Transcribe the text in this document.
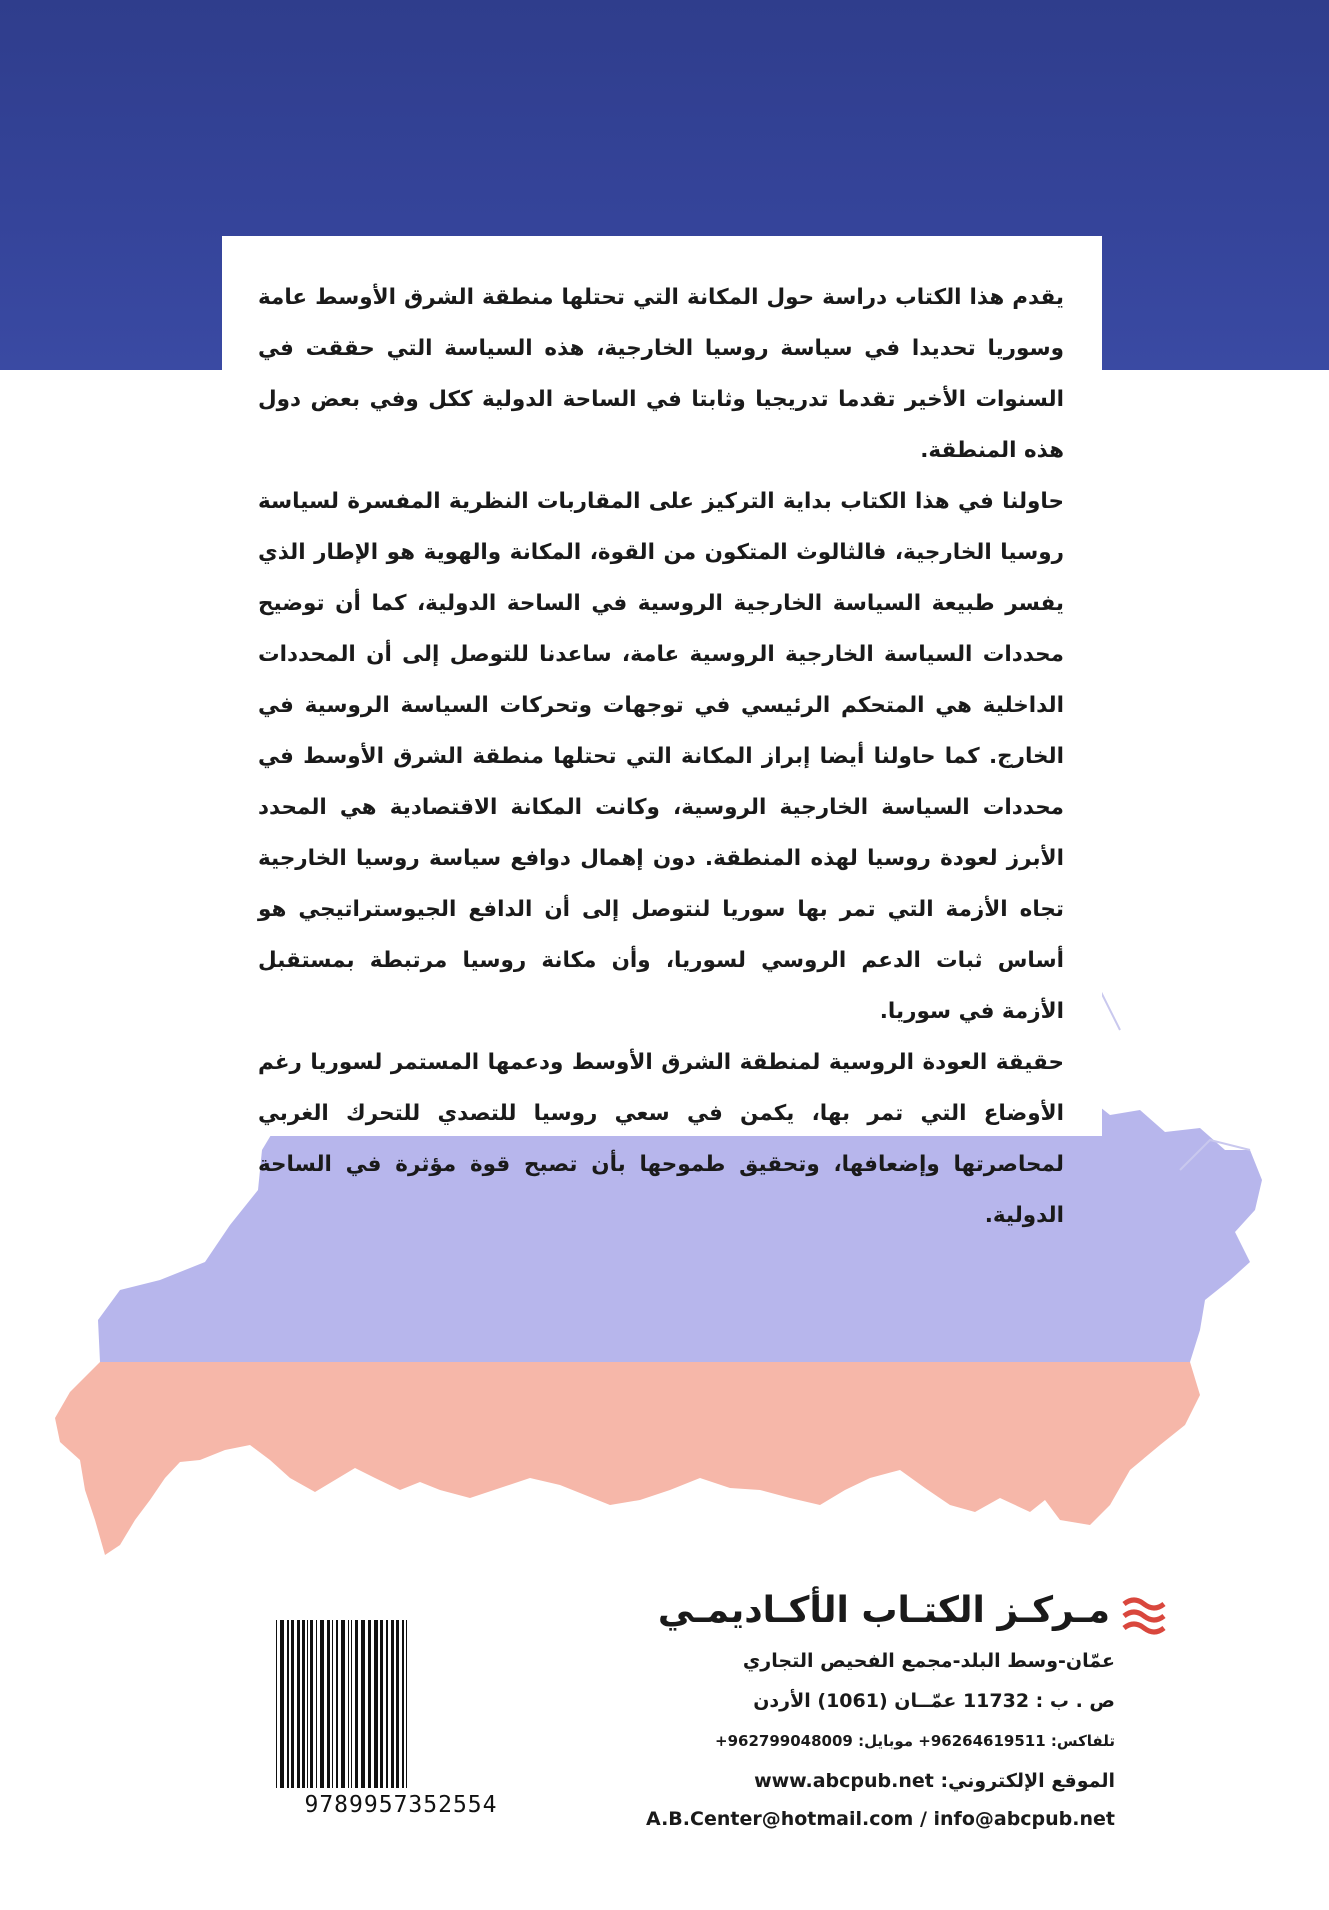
يقدم هذا الكتاب دراسة حول المكانة التي تحتلها منطقة الشرق الأوسط عامة وسوريا تحديدا في سياسة روسيا الخارجية، هذه السياسة التي حققت في السنوات الأخير تقدما تدريجيا وثابتا في الساحة الدولية ككل وفي بعض دول هذه المنطقة.

حاولنا في هذا الكتاب بداية التركيز على المقاربات النظرية المفسرة لسياسة روسيا الخارجية، فالثالوث المتكون من القوة، المكانة والهوية هو الإطار الذي يفسر طبيعة السياسة الخارجية الروسية في الساحة الدولية، كما أن توضيح محددات السياسة الخارجية الروسية عامة، ساعدنا للتوصل إلى أن المحددات الداخلية هي المتحكم الرئيسي في توجهات وتحركات السياسة الروسية في الخارج. كما حاولنا أيضا إبراز المكانة التي تحتلها منطقة الشرق الأوسط في محددات السياسة الخارجية الروسية، وكانت المكانة الاقتصادية هي المحدد الأبرز لعودة روسيا لهذه المنطقة. دون إهمال دوافع سياسة روسيا الخارجية تجاه الأزمة التي تمر بها سوريا لنتوصل إلى أن الدافع الجيوستراتيجي هو أساس ثبات الدعم الروسي لسوريا، وأن مكانة روسيا مرتبطة بمستقبل الأزمة في سوريا.

حقيقة العودة الروسية لمنطقة الشرق الأوسط ودعمها المستمر لسوريا رغم الأوضاع التي تمر بها، يكمن في سعي روسيا للتصدي للتحرك الغربي لمحاصرتها وإضعافها، وتحقيق طموحها بأن تصبح قوة مؤثرة في الساحة الدولية.

9789957352554
مـركـز الكتـاب الأكـاديمـي
عمّان-وسط البلد-مجمع الفحيص التجاري
ص . ب : 11732 عمّــان (1061) الأردن
تلفاكس: 96264619511+ موبايل: 962799048009+
الموقع الإلكتروني: www.abcpub.net
A.B.Center@hotmail.com / info@abcpub.net
